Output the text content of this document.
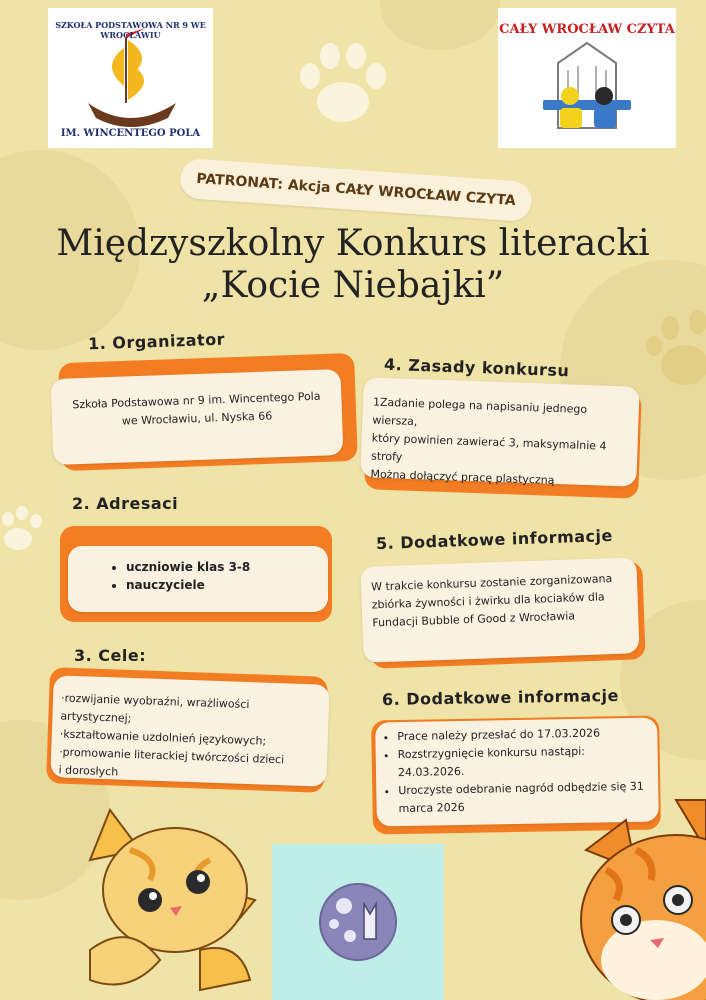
SZKOŁA PODSTAWOWA NR 9 WE WROCŁAWIU
IM. WINCENTEGO POLA
CAŁY WROCŁAW CZYTA
PATRONAT: Akcja CAŁY WROCŁAW CZYTA
Międzyszkolny Konkurs literacki
„Kocie Niebajki”
1. Organizator
Szkoła Podstawowa nr 9 im. Wincentego Pola
we Wrocławiu, ul. Nyska 66
2. Adresaci
• uczniowie klas 3-8
• nauczyciele
3. Cele:
·rozwijanie wyobraźni, wrażliwości artystycznej;
·kształtowanie uzdolnień językowych;
·promowanie literackiej twórczości dzieci
i dorosłych
4. Zasady konkursu
1Zadanie polega na napisaniu jednego wiersza,
który powinien zawierać 3, maksymalnie 4
strofy
Można dołączyć pracę plastyczną
5. Dodatkowe informacje
W trakcie konkursu zostanie zorganizowana
zbiórka żywności i żwirku dla kociaków dla
Fundacji Bubble of Good z Wrocławia
6. Dodatkowe informacje
• Prace należy przesłać do 17.03.2026
• Rozstrzygnięcie konkursu nastąpi: 24.03.2026.
• Uroczyste odebranie nagród odbędzie się 31 marca 2026
